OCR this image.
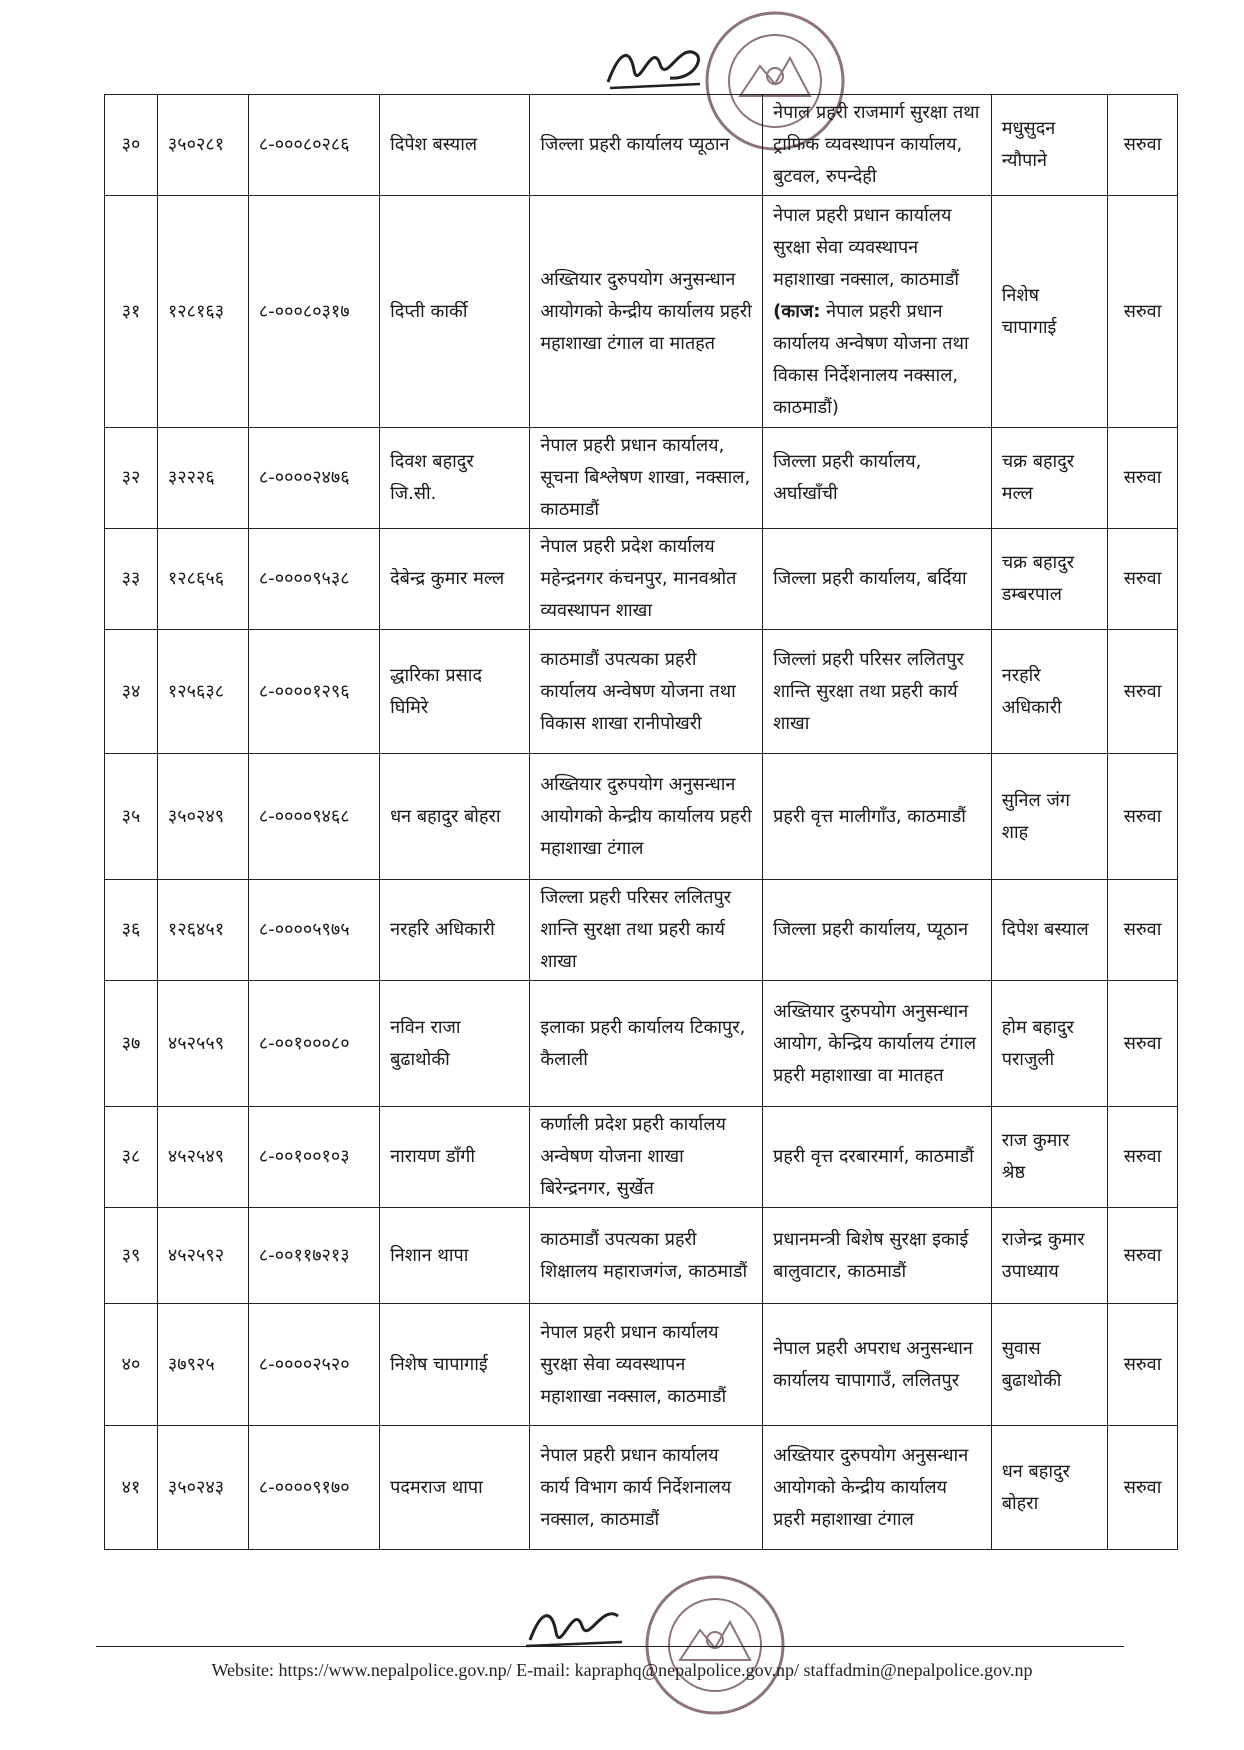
३०	३५०२८१	८-०००८०२८६	दिपेश बस्याल	जिल्ला प्रहरी कार्यालय प्यूठान	नेपाल प्रहरी राजमार्ग सुरक्षा तथा ट्राफिक व्यवस्थापन कार्यालय, बुटवल, रुपन्देही	मधुसुदन न्यौपाने	सरुवा
३१	१२८१६३	८-०००८०३१७	दिप्ती कार्की	अख्तियार दुरुपयोग अनुसन्धान आयोगको केन्द्रीय कार्यालय प्रहरी महाशाखा टंगाल वा मातहत	नेपाल प्रहरी प्रधान कार्यालय सुरक्षा सेवा व्यवस्थापन महाशाखा नक्साल, काठमाडौं (काज: नेपाल प्रहरी प्रधान कार्यालय अन्वेषण योजना तथा विकास निर्देशनालय नक्साल, काठमाडौं)	निशेष चापागाई	सरुवा
३२	३२२२६	८-००००२४७६	दिवश बहादुर जि.सी.	नेपाल प्रहरी प्रधान कार्यालय, सूचना बिश्लेषण शाखा, नक्साल, काठमाडौं	जिल्ला प्रहरी कार्यालय, अर्घाखाँची	चक्र बहादुर मल्ल	सरुवा
३३	१२८६५६	८-००००९५३८	देबेन्द्र कुमार मल्ल	नेपाल प्रहरी प्रदेश कार्यालय महेन्द्रनगर कंचनपुर, मानवश्रोत व्यवस्थापन शाखा	जिल्ला प्रहरी कार्यालय, बर्दिया	चक्र बहादुर डम्बरपाल	सरुवा
३४	१२५६३८	८-००००१२९६	द्धारिका प्रसाद घिमिरे	काठमाडौं उपत्यका प्रहरी कार्यालय अन्वेषण योजना तथा विकास शाखा रानीपोखरी	जिल्लां प्रहरी परिसर ललितपुर शान्ति सुरक्षा तथा प्रहरी कार्य शाखा	नरहरि अधिकारी	सरुवा
३५	३५०२४९	८-००००९४६८	धन बहादुर बोहरा	अख्तियार दुरुपयोग अनुसन्धान आयोगको केन्द्रीय कार्यालय प्रहरी महाशाखा टंगाल	प्रहरी वृत्त मालीगाँउ, काठमाडौं	सुनिल जंग शाह	सरुवा
३६	१२६४५१	८-००००५९७५	नरहरि अधिकारी	जिल्ला प्रहरी परिसर ललितपुर शान्ति सुरक्षा तथा प्रहरी कार्य शाखा	जिल्ला प्रहरी कार्यालय, प्यूठान	दिपेश बस्याल	सरुवा
३७	४५२५५९	८-००१०००८०	नविन राजा बुढाथोकी	इलाका प्रहरी कार्यालय टिकापुर, कैलाली	अख्तियार दुरुपयोग अनुसन्धान आयोग, केन्द्रिय कार्यालय टंगाल प्रहरी महाशाखा वा मातहत	होम बहादुर पराजुली	सरुवा
३८	४५२५४९	८-००१००१०३	नारायण डाँगी	कर्णाली प्रदेश प्रहरी कार्यालय अन्वेषण योजना शाखा बिरेन्द्रनगर, सुर्खेत	प्रहरी वृत्त दरबारमार्ग, काठमाडौं	राज कुमार श्रेष्ठ	सरुवा
३९	४५२५९२	८-००११७२१३	निशान थापा	काठमाडौं उपत्यका प्रहरी शिक्षालय महाराजगंज, काठमाडौं	प्रधानमन्त्री बिशेष सुरक्षा इकाई बालुवाटार, काठमाडौं	राजेन्द्र कुमार उपाध्याय	सरुवा
४०	३७९२५	८-००००२५२०	निशेष चापागाई	नेपाल प्रहरी प्रधान कार्यालय सुरक्षा सेवा व्यवस्थापन महाशाखा नक्साल, काठमाडौं	नेपाल प्रहरी अपराध अनुसन्धान कार्यालय चापागाउँ, ललितपुर	सुवास बुढाथोकी	सरुवा
४१	३५०२४३	८-००००९१७०	पदमराज थापा	नेपाल प्रहरी प्रधान कार्यालय कार्य विभाग कार्य निर्देशनालय नक्साल, काठमाडौं	अख्तियार दुरुपयोग अनुसन्धान आयोगको केन्द्रीय कार्यालय प्रहरी महाशाखा टंगाल	धन बहादुर बोहरा	सरुवा
Website: https://www.nepalpolice.gov.np/ E-mail: kapraphq@nepalpolice.gov.np/ staffadmin@nepalpolice.gov.np
